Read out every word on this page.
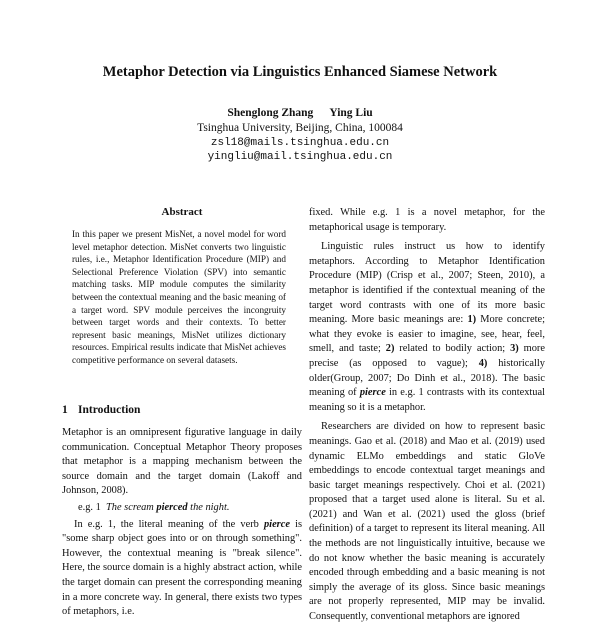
Metaphor Detection via Linguistics Enhanced Siamese Network
Shenglong Zhang Ying Liu
Tsinghua University, Beijing, China, 100084
zsl18@mails.tsinghua.edu.cn
yingliu@mail.tsinghua.edu.cn
Abstract
In this paper we present MisNet, a novel model for word level metaphor detection. MisNet converts two linguistic rules, i.e., Metaphor Identification Procedure (MIP) and Selectional Preference Violation (SPV) into semantic matching tasks. MIP module computes the similarity between the contextual meaning and the basic meaning of a target word. SPV module perceives the incongruity between target words and their contexts. To better represent basic meanings, MisNet utilizes dictionary resources. Empirical results indicate that MisNet achieves competitive performance on several datasets.
1 Introduction

Metaphor is an omnipresent figurative language in daily communication. Conceptual Metaphor Theory proposes that metaphor is a mapping mechanism between the source domain and the target domain (Lakoff and Johnson, 2008).

e.g. 1 The scream pierced the night.

In e.g. 1, the literal meaning of the verb pierce is "some sharp object goes into or on through something". However, the contextual meaning is "break silence". Here, the source domain is a highly abstract action, while the target domain can present the corresponding meaning in a more concrete way. In general, there exists two types of metaphors, i.e.

fixed. While e.g. 1 is a novel metaphor, for the metaphorical usage is temporary.

Linguistic rules instruct us how to identify metaphors. According to Metaphor Identification Procedure (MIP) (Crisp et al., 2007; Steen, 2010), a metaphor is identified if the contextual meaning of the target word contrasts with one of its more basic meaning. More basic meanings are: 1) More concrete; what they evoke is easier to imagine, see, hear, feel, smell, and taste; 2) related to bodily action; 3) more precise (as opposed to vague); 4) historically older(Group, 2007; Do Dinh et al., 2018). The basic meaning of pierce in e.g. 1 contrasts with its contextual meaning so it is a metaphor.

Researchers are divided on how to represent basic meanings. Gao et al. (2018) and Mao et al. (2019) used dynamic ELMo embeddings and static GloVe embeddings to encode contextual target meanings and basic target meanings respectively. Choi et al. (2021) proposed that a target used alone is literal. Su et al. (2021) and Wan et al. (2021) used the gloss (brief definition) of a target to represent its literal meaning. All the methods are not linguistically intuitive, because we do not know whether the basic meaning is accurately encoded through embedding and a basic meaning is not simply the average of its gloss. Since basic meanings are not properly represented, MIP may be invalid. Consequently, conventional metaphors are ignored
